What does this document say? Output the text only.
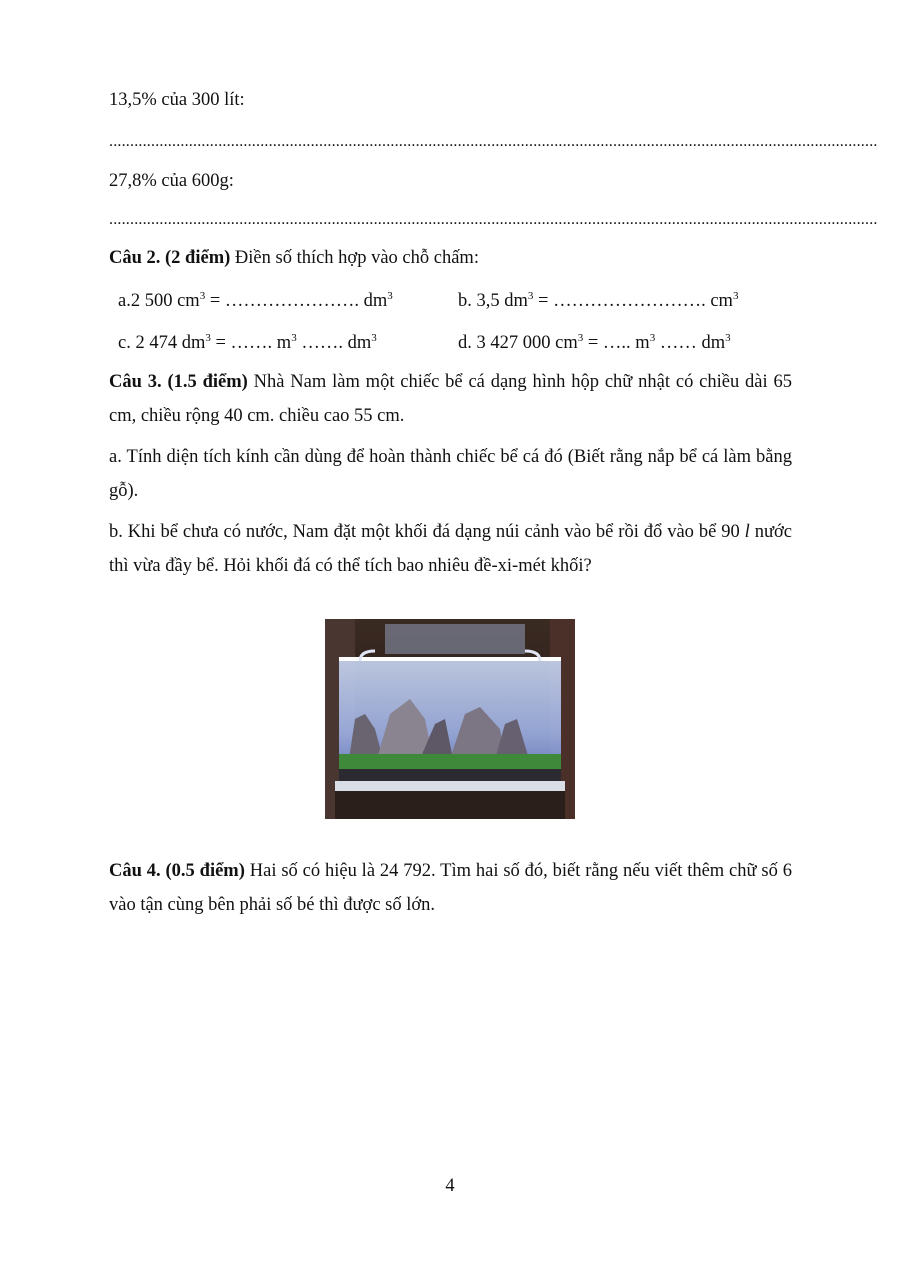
13,5% của 300 lít:
.......................................................................................................................................................................................
27,8% của 600g:
.......................................................................................................................................................................................
Câu 2. (2 điểm) Điền số thích hợp vào chỗ chấm:
a.2 500 $cm^3$ = …………………. $dm^3$	b. 3,5 $dm^3$ = ……………………. $cm^3$
c. 2 474 $dm^3$ = ……. $m^3$ ……. $dm^3$	d. 3 427 000 $cm^3$ = ….. $m^3$ …… $dm^3$
Câu 3. (1.5 điểm) Nhà Nam làm một chiếc bể cá dạng hình hộp chữ nhật có chiều dài 65 cm, chiều rộng 40 cm. chiều cao 55 cm.
a. Tính diện tích kính cần dùng để hoàn thành chiếc bể cá đó (Biết rằng nắp bể cá làm bằng gỗ).
b. Khi bể chưa có nước, Nam đặt một khối đá dạng núi cảnh vào bể rồi đổ vào bể 90 l nước thì vừa đầy bể. Hỏi khối đá có thể tích bao nhiêu đề-xi-mét khối?
Câu 4. (0.5 điểm) Hai số có hiệu là 24 792. Tìm hai số đó, biết rằng nếu viết thêm chữ số 6 vào tận cùng bên phải số bé thì được số lớn.
4
